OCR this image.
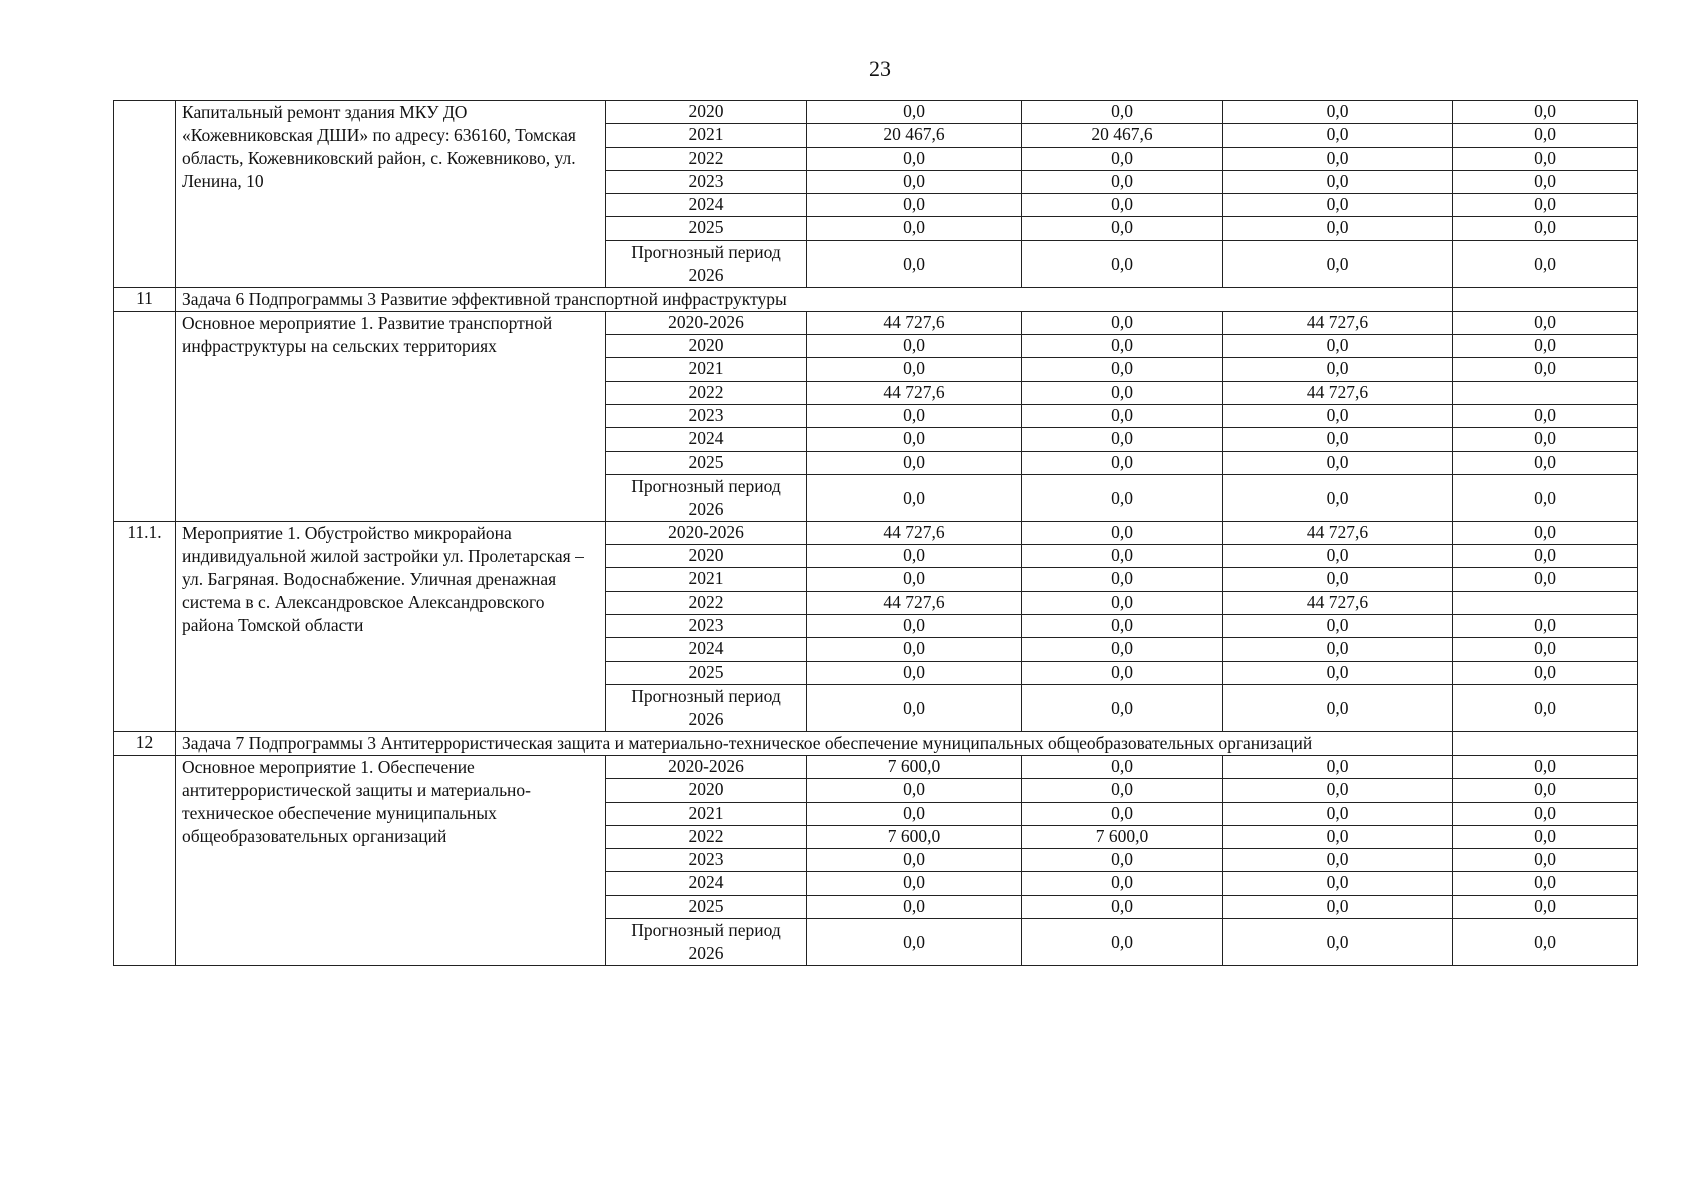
23
	Капитальный ремонт здания МКУ ДО «Кожевниковская ДШИ» по адресу: 636160, Томская область, Кожевниковский район, с. Кожевниково, ул. Ленина, 10	2020	0,0	0,0	0,0	0,0
		2021	20 467,6	20 467,6	0,0	0,0
		2022	0,0	0,0	0,0	0,0
		2023	0,0	0,0	0,0	0,0
		2024	0,0	0,0	0,0	0,0
		2025	0,0	0,0	0,0	0,0
		Прогнозный период 2026	0,0	0,0	0,0	0,0
11	Задача 6 Подпрограммы 3 Развитие эффективной транспортной инфраструктуры					
	Основное мероприятие 1. Развитие транспортной инфраструктуры на сельских территориях	2020-2026	44 727,6	0,0	44 727,6	0,0
		2020	0,0	0,0	0,0	0,0
		2021	0,0	0,0	0,0	0,0
		2022	44 727,6	0,0	44 727,6	
		2023	0,0	0,0	0,0	0,0
		2024	0,0	0,0	0,0	0,0
		2025	0,0	0,0	0,0	0,0
		Прогнозный период 2026	0,0	0,0	0,0	0,0
11.1.	Мероприятие 1. Обустройство микрорайона индивидуальной жилой застройки ул. Пролетарская – ул. Багряная. Водоснабжение. Уличная дренажная система в с. Александровское Александровского района Томской области	2020-2026	44 727,6	0,0	44 727,6	0,0
		2020	0,0	0,0	0,0	0,0
		2021	0,0	0,0	0,0	0,0
		2022	44 727,6	0,0	44 727,6	
		2023	0,0	0,0	0,0	0,0
		2024	0,0	0,0	0,0	0,0
		2025	0,0	0,0	0,0	0,0
		Прогнозный период 2026	0,0	0,0	0,0	0,0
12	Задача 7 Подпрограммы 3 Антитеррористическая защита и материально-техническое обеспечение муниципальных общеобразовательных организаций					
	Основное мероприятие 1. Обеспечение антитеррористической защиты и материально-техническое обеспечение муниципальных общеобразовательных организаций	2020-2026	7 600,0	0,0	0,0	0,0
		2020	0,0	0,0	0,0	0,0
		2021	0,0	0,0	0,0	0,0
		2022	7 600,0	7 600,0	0,0	0,0
		2023	0,0	0,0	0,0	0,0
		2024	0,0	0,0	0,0	0,0
		2025	0,0	0,0	0,0	0,0
		Прогнозный период 2026	0,0	0,0	0,0	0,0
